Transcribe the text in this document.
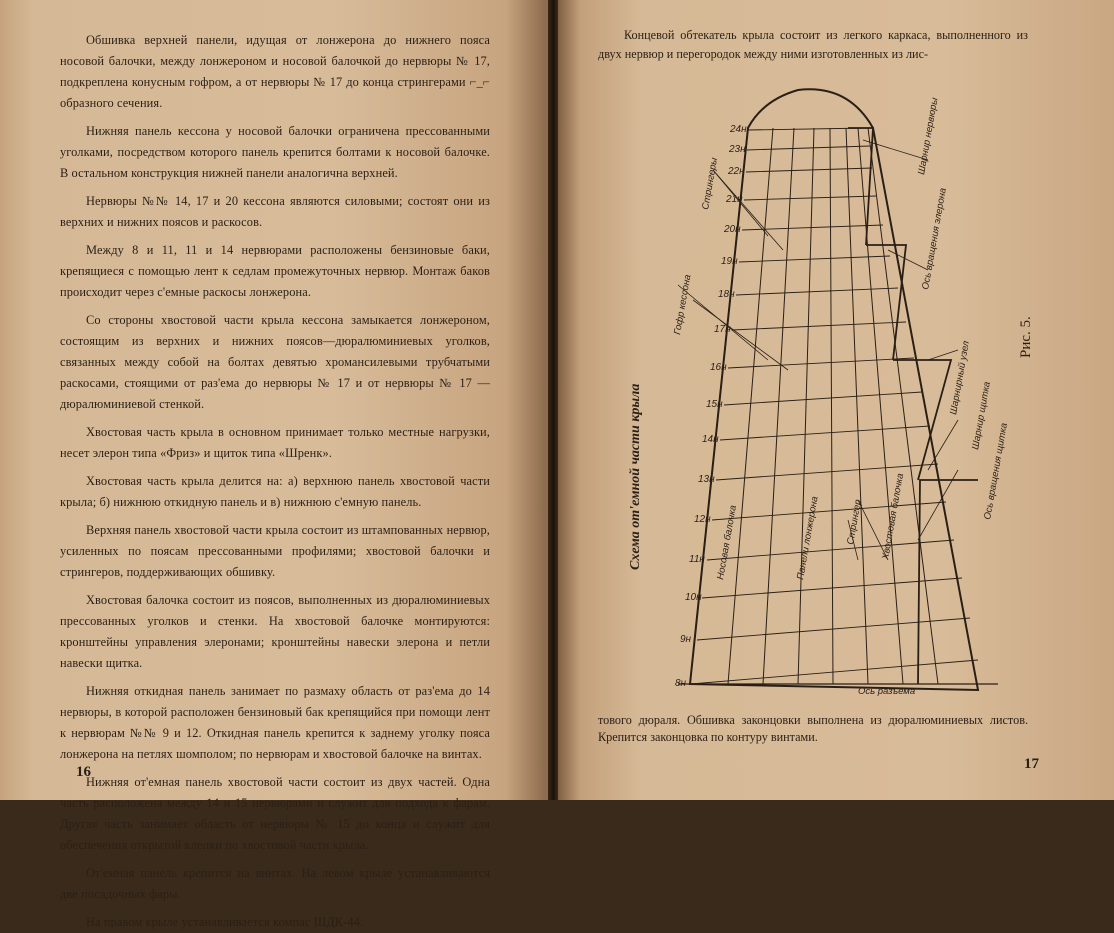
Обшивка верхней панели, идущая от лонжерона до нижнего пояса носовой балочки, между лонжероном и носовой балочкой до нервюры № 17, подкреплена конусным гофром, а от нервюры № 17 до конца стрингерами ⌐_⌐ образного сечения.

Нижняя панель кессона у носовой балочки ограничена прессованными уголками, посредством которого панель крепится болтами к носовой балочке. В остальном конструкция нижней панели аналогична верхней.

Нервюры №№ 14, 17 и 20 кессона являются силовыми; состоят они из верхних и нижних поясов и раскосов.

Между 8 и 11, 11 и 14 нервюрами расположены бензиновые баки, крепящиеся с помощью лент к седлам промежуточных нервюр. Монтаж баков происходит через с'емные раскосы лонжерона.

Со стороны хвостовой части крыла кессона замыкается лонжероном, состоящим из верхних и нижних поясов—дюралюминиевых уголков, связанных между собой на болтах девятью хромансилевыми трубчатыми раскосами, стоящими от раз'ема до нервюры № 17 и от нервюры № 17 —дюралюминиевой стенкой.

Хвостовая часть крыла в основном принимает только местные нагрузки, несет элерон типа «Фриз» и щиток типа «Шренк».

Хвостовая часть крыла делится на: а) верхнюю панель хвостовой части крыла; б) нижнюю откидную панель и в) нижнюю с'емную панель.

Верхняя панель хвостовой части крыла состоит из штампованных нервюр, усиленных по поясам прессованными профилями; хвостовой балочки и стрингеров, поддерживающих обшивку.

Хвостовая балочка состоит из поясов, выполненных из дюралюминиевых прессованных уголков и стенки. На хвостовой балочке монтируются: кронштейны управления элеронами; кронштейны навески элерона и петли навески щитка.

Нижняя откидная панель занимает по размаху область от раз'ема до 14 нервюры, в которой расположен бензиновый бак крепящийся при помощи лент к нервюрам №№ 9 и 12. Откидная панель крепится к заднему уголку пояса лонжерона на петлях шомполом; по нервюрам и хвостовой балочке на винтах.

Нижняя от'емная панель хвостовой части состоит из двух частей. Одна часть расположена между 14 и 15 нервюрами и служит для подхода к фарам. Другая часть занимает область от нервюры № 15 до конца и служит для обеспечения открытой клепки по хвостовой части крыла.

От'емная панель крепится на винтах. На левом крыле устанавливаются две посадочных фары.

На правом крыле устанавливается компас ШДК-44.

16
Концевой обтекатель крыла состоит из легкого каркаса, выполненного из двух нервюр и перегородок между ними изготовленных из лис-
8н
9н
10н
11н
12н
13н
14н
15н
16н
17н
18н
19н
20н
21н
22н
23н
24н
Стрингеры
Гофр кессона
Носовая балочка	Панели лонжерона	Хвостовая балочка
Стрингер
Ось вращения элерона
Шарнирный узел
Ось вращения щитка
Шарнир щитка
Шарнир нервюры
Ось разъема
Схема от'емной части крыла
Рис. 5.
тового дюраля. Обшивка законцовки выполнена из дюралюминиевых листов. Крепится законцовка по контуру винтами.
17
